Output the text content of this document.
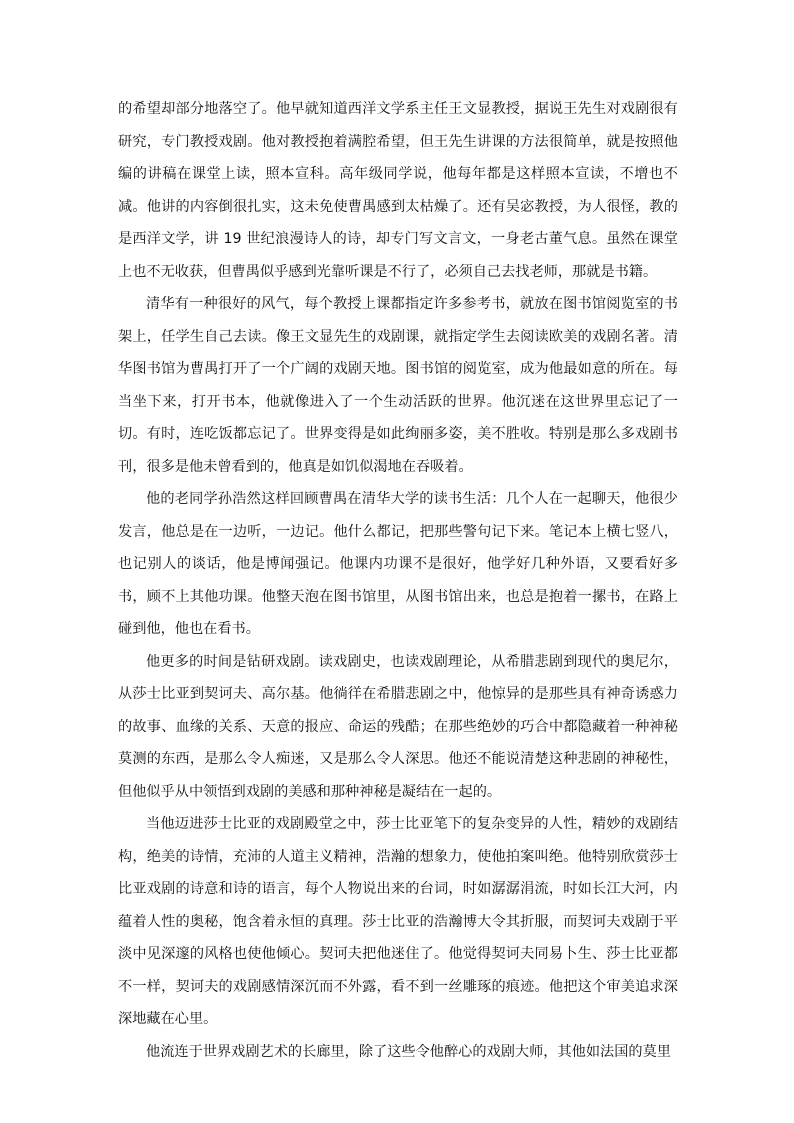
的希望却部分地落空了。他早就知道西洋文学系主任王文显教授，据说王先生对戏剧很有研究，专门教授戏剧。他对教授抱着满腔希望，但王先生讲课的方法很简单，就是按照他编的讲稿在课堂上读，照本宣科。高年级同学说，他每年都是这样照本宣读，不增也不减。他讲的内容倒很扎实，这未免使曹禺感到太枯燥了。还有吴宓教授，为人很怪，教的是西洋文学，讲 19 世纪浪漫诗人的诗，却专门写文言文，一身老古董气息。虽然在课堂上也不无收获，但曹禺似乎感到光靠听课是不行了，必须自己去找老师，那就是书籍。

清华有一种很好的风气，每个教授上课都指定许多参考书，就放在图书馆阅览室的书架上，任学生自己去读。像王文显先生的戏剧课，就指定学生去阅读欧美的戏剧名著。清华图书馆为曹禺打开了一个广阔的戏剧天地。图书馆的阅览室，成为他最如意的所在。每当坐下来，打开书本，他就像进入了一个生动活跃的世界。他沉迷在这世界里忘记了一切。有时，连吃饭都忘记了。世界变得是如此绚丽多姿，美不胜收。特别是那么多戏剧书刊，很多是他未曾看到的，他真是如饥似渴地在吞吸着。

他的老同学孙浩然这样回顾曹禺在清华大学的读书生活：几个人在一起聊天，他很少发言，他总是在一边听，一边记。他什么都记，把那些警句记下来。笔记本上横七竖八，也记别人的谈话，他是博闻强记。他课内功课不是很好，他学好几种外语，又要看好多书，顾不上其他功课。他整天泡在图书馆里，从图书馆出来，也总是抱着一摞书，在路上碰到他，他也在看书。

他更多的时间是钻研戏剧。读戏剧史，也读戏剧理论，从希腊悲剧到现代的奥尼尔，从莎士比亚到契诃夫、高尔基。他徜徉在希腊悲剧之中，他惊异的是那些具有神奇诱惑力的故事、血缘的关系、天意的报应、命运的残酷；在那些绝妙的巧合中都隐藏着一种神秘莫测的东西，是那么令人痴迷，又是那么令人深思。他还不能说清楚这种悲剧的神秘性，但他似乎从中领悟到戏剧的美感和那种神秘是凝结在一起的。

当他迈进莎士比亚的戏剧殿堂之中，莎士比亚笔下的复杂变异的人性，精妙的戏剧结构，绝美的诗情，充沛的人道主义精神，浩瀚的想象力，使他拍案叫绝。他特别欣赏莎士比亚戏剧的诗意和诗的语言，每个人物说出来的台词，时如潺潺涓流，时如长江大河，内蕴着人性的奥秘，饱含着永恒的真理。莎士比亚的浩瀚博大令其折服，而契诃夫戏剧于平淡中见深邃的风格也使他倾心。契诃夫把他迷住了。他觉得契诃夫同易卜生、莎士比亚都不一样，契诃夫的戏剧感情深沉而不外露，看不到一丝雕琢的痕迹。他把这个审美追求深深地藏在心里。

他流连于世界戏剧艺术的长廊里，除了这些令他醉心的戏剧大师，其他如法国的莫里
